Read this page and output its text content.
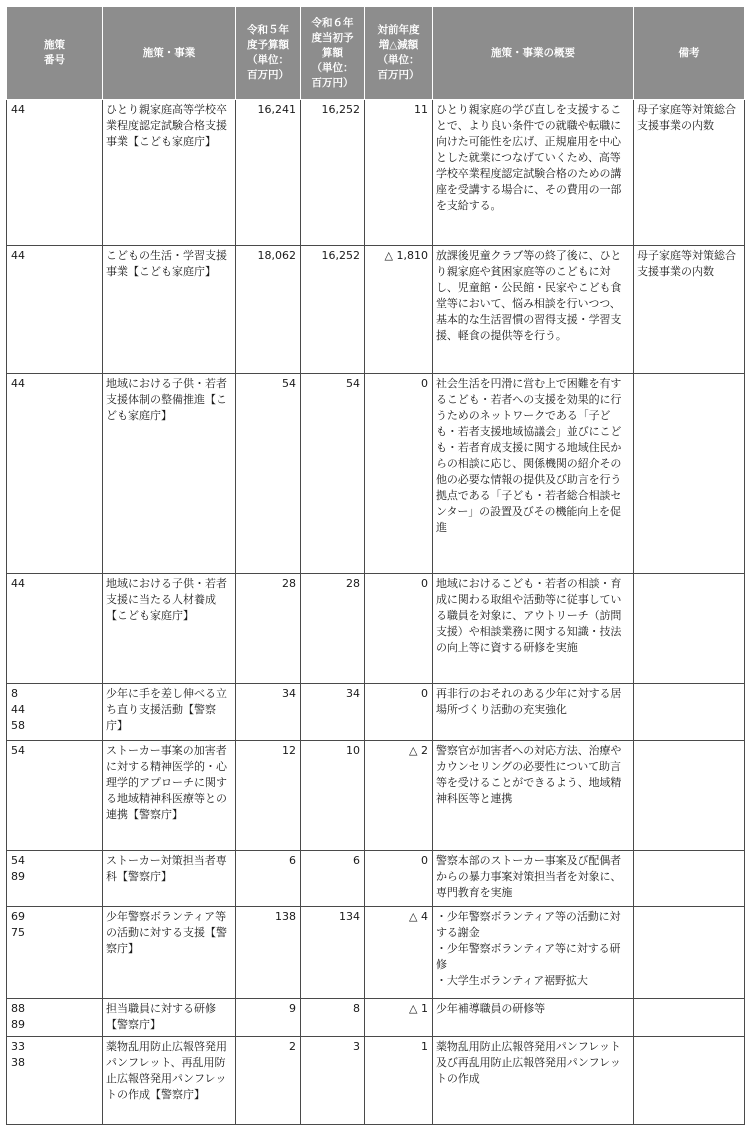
施策
番号	施策・事業	令和５年
度予算額
（単位：
百万円）	令和６年
度当初予
算額
（単位：
百万円）	対前年度
増△減額
（単位：
百万円）	施策・事業の概要	備考
44	ひとり親家庭高等学校卒業程度認定試験合格支援事業【こども家庭庁】	16,241	16,252	11	ひとり親家庭の学び直しを支援することで、より良い条件での就職や転職に向けた可能性を広げ、正規雇用を中心とした就業につなげていくため、高等学校卒業程度認定試験合格のための講座を受講する場合に、その費用の一部を支給する。	母子家庭等対策総合支援事業の内数
44	こどもの生活・学習支援事業【こども家庭庁】	18,062	16,252	△ 1,810	放課後児童クラブ等の終了後に、ひとり親家庭や貧困家庭等のこどもに対し、児童館・公民館・民家やこども食堂等において、悩み相談を行いつつ、基本的な生活習慣の習得支援・学習支援、軽食の提供等を行う。	母子家庭等対策総合支援事業の内数
44	地域における子供・若者支援体制の整備推進【こども家庭庁】	54	54	0	社会生活を円滑に営む上で困難を有するこども・若者への支援を効果的に行うためのネットワークである「子ども・若者支援地域協議会」並びにこども・若者育成支援に関する地域住民からの相談に応じ、関係機関の紹介その他の必要な情報の提供及び助言を行う拠点である「子ども・若者総合相談センター」の設置及びその機能向上を促進	
44	地域における子供・若者支援に当たる人材養成【こども家庭庁】	28	28	0	地域におけるこども・若者の相談・育成に関わる取組や活動等に従事している職員を対象に、アウトリーチ（訪問支援）や相談業務に関する知識・技法の向上等に資する研修を実施	
8
44
58	少年に手を差し伸べる立ち直り支援活動【警察庁】	34	34	0	再非行のおそれのある少年に対する居場所づくり活動の充実強化	
54	ストーカー事案の加害者に対する精神医学的・心理学的アプローチに関する地域精神科医療等との連携【警察庁】	12	10	△ 2	警察官が加害者への対応方法、治療やカウンセリングの必要性について助言等を受けることができるよう、地域精神科医等と連携	
54
89	ストーカー対策担当者専科【警察庁】	6	6	0	警察本部のストーカー事案及び配偶者からの暴力事案対策担当者を対象に、専門教育を実施	
69
75	少年警察ボランティア等の活動に対する支援【警察庁】	138	134	△ 4	・少年警察ボランティア等の活動に対する謝金
・少年警察ボランティア等に対する研修
・大学生ボランティア裾野拡大	
88
89	担当職員に対する研修【警察庁】	9	8	△ 1	少年補導職員の研修等	
33
38	薬物乱用防止広報啓発用パンフレット、再乱用防止広報啓発用パンフレットの作成【警察庁】	2	3	1	薬物乱用防止広報啓発用パンフレット及び再乱用防止広報啓発用パンフレットの作成	
